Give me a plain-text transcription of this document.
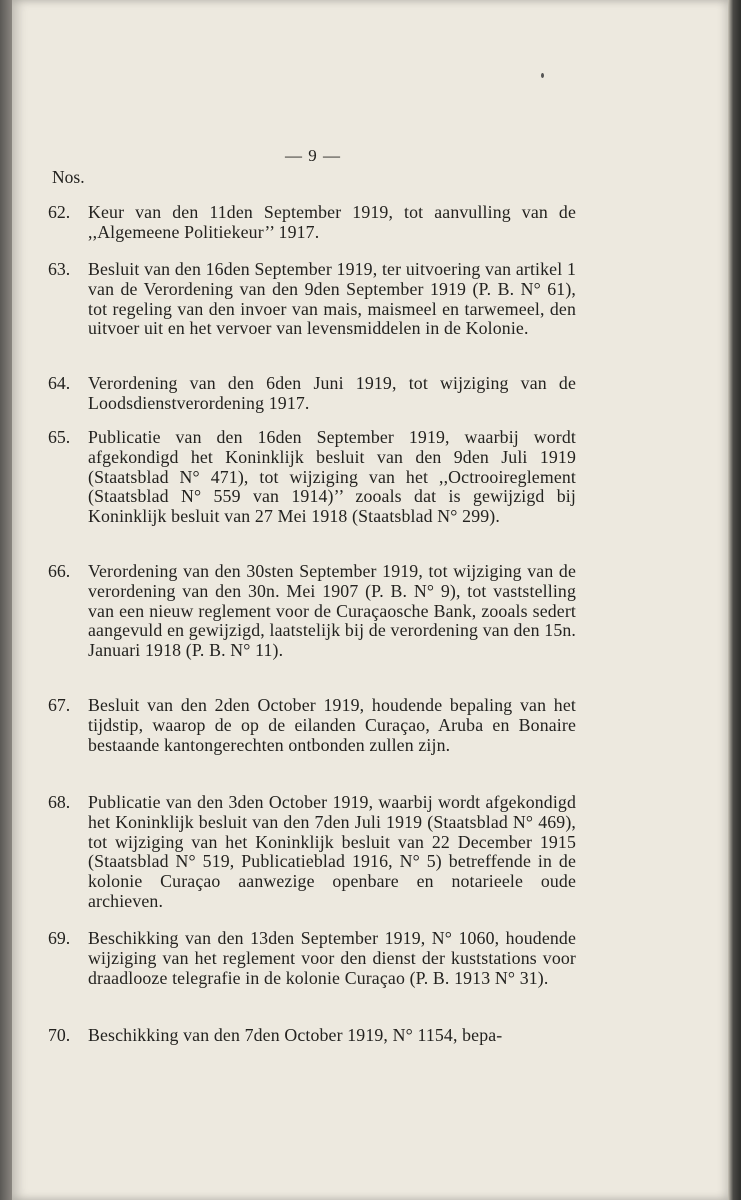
— 9 —
Nos.
62. Keur van den 11den September 1919, tot aanvulling van de ,,Algemeene Politiekeur’’ 1917.
63. Besluit van den 16den September 1919, ter uitvoering van artikel 1 van de Verordening van den 9den September 1919 (P. B. N° 61), tot regeling van den invoer van mais, maismeel en tarwemeel, den uitvoer uit en het vervoer van levensmiddelen in de Kolonie.
64. Verordening van den 6den Juni 1919, tot wijziging van de Loodsdienstverordening 1917.
65. Publicatie van den 16den September 1919, waarbij wordt afgekondigd het Koninklijk besluit van den 9den Juli 1919 (Staatsblad N° 471), tot wijziging van het ,,Octrooireglement (Staatsblad N° 559 van 1914)’’ zooals dat is gewijzigd bij Koninklijk besluit van 27 Mei 1918 (Staatsblad N° 299).
66. Verordening van den 30sten September 1919, tot wijziging van de verordening van den 30n. Mei 1907 (P. B. N° 9), tot vaststelling van een nieuw reglement voor de Curaçaosche Bank, zooals sedert aangevuld en gewijzigd, laatstelijk bij de verordening van den 15n. Januari 1918 (P. B. N° 11).
67. Besluit van den 2den October 1919, houdende bepaling van het tijdstip, waarop de op de eilanden Curaçao, Aruba en Bonaire bestaande kantongerechten ontbonden zullen zijn.
68. Publicatie van den 3den October 1919, waarbij wordt afgekondigd het Koninklijk besluit van den 7den Juli 1919 (Staatsblad N° 469), tot wijziging van het Koninklijk besluit van 22 December 1915 (Staatsblad N° 519, Publicatieblad 1916, N° 5) betreffende in de kolonie Curaçao aanwezige openbare en notarieele oude archieven.
69. Beschikking van den 13den September 1919, N° 1060, houdende wijziging van het reglement voor den dienst der kuststations voor draadlooze telegrafie in de kolonie Curaçao (P. B. 1913 N° 31).
70. Beschikking van den 7den October 1919, N° 1154, bepa-
